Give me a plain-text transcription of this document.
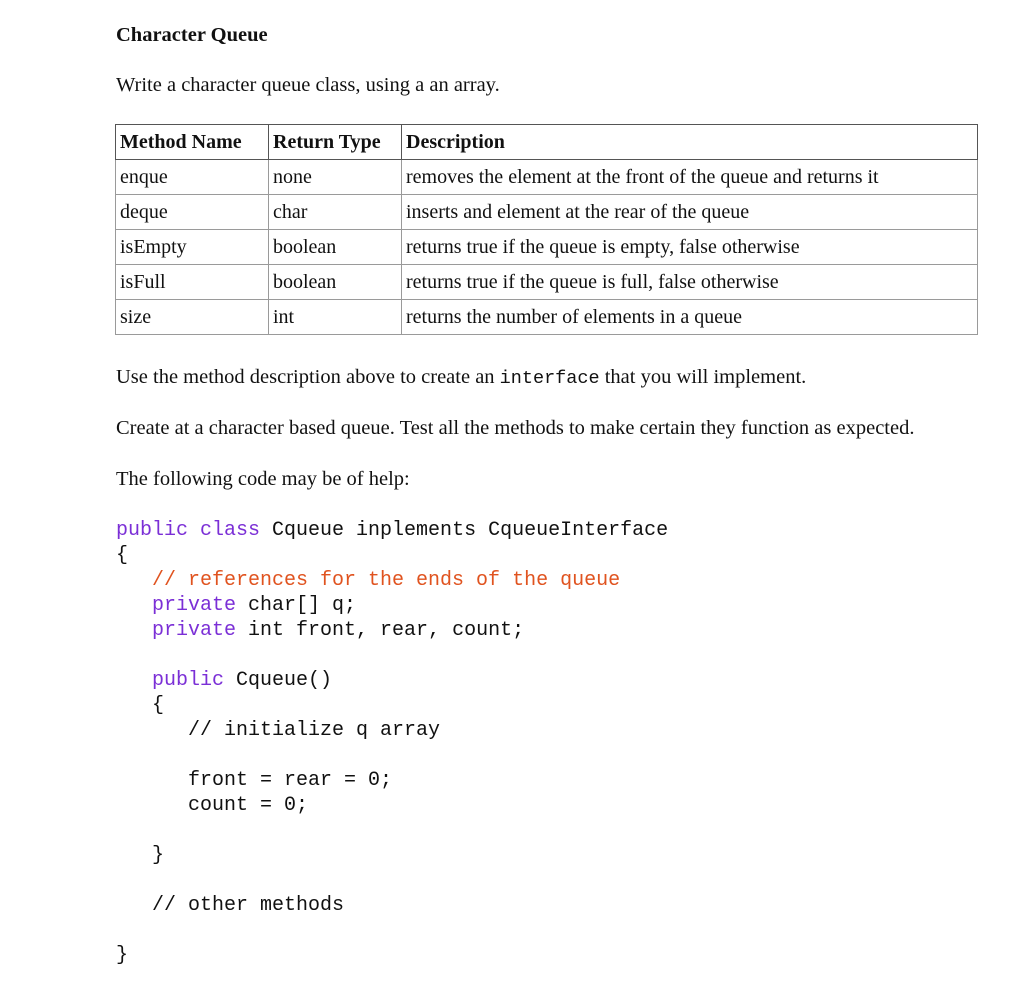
Character Queue

Write a character queue class, using a an array.

Method Name	Return Type	Description
enque	none	removes the element at the front of the queue and returns it
deque	char	inserts and element at the rear of the queue
isEmpty	boolean	returns true if the queue is empty, false otherwise
isFull	boolean	returns true if the queue is full, false otherwise
size	int	returns the number of elements in a queue

Use the method description above to create an interface that you will implement.

Create at a character based queue. Test all the methods to make certain they function as expected.

The following code may be of help:

public class Cqueue inplements CqueueInterface
{
// references for the ends of the queue
private char[] q;
private int front, rear, count;
public Cqueue()
{
// initialize q array
front = rear = 0;
count = 0;
}
// other methods
}
